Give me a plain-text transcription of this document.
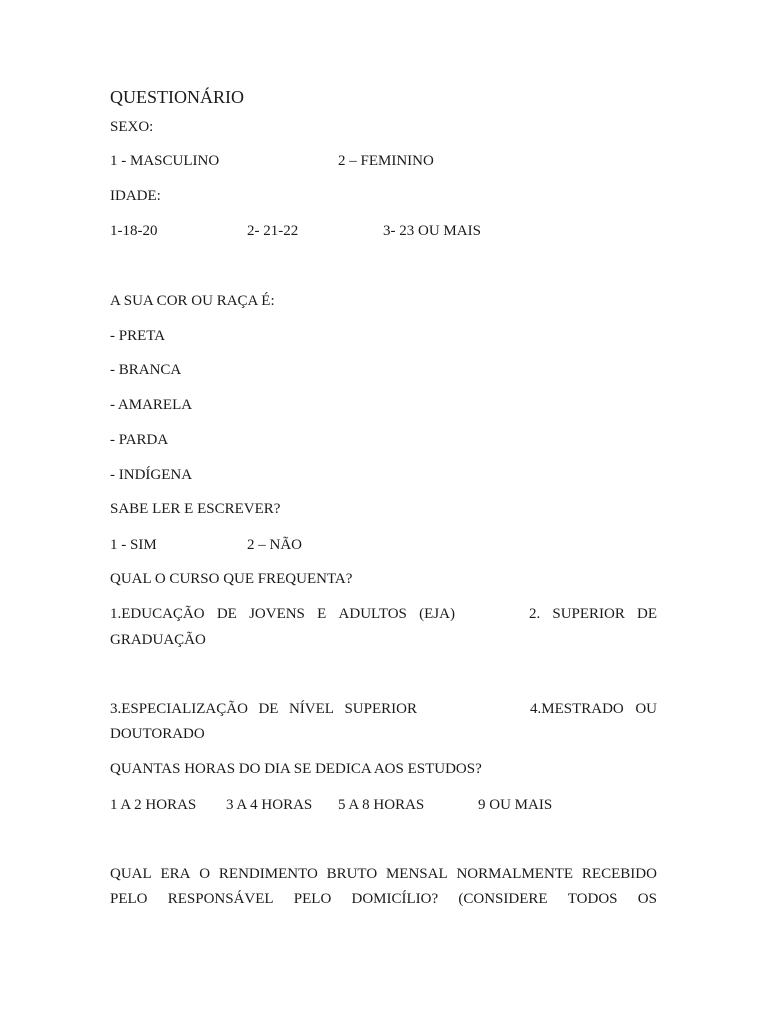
QUESTIONÁRIO
SEXO:
1 - MASCULINO	2 – FEMININO
IDADE:
1-18-20	2- 21-22	3- 23 OU MAIS
A SUA COR OU RAÇA É:
- PRETA
- BRANCA
- AMARELA
- PARDA
- INDÍGENA
SABE LER E ESCREVER?
1 - SIM	2 – NÃO
QUAL O CURSO QUE FREQUENTA?
1.EDUCAÇÃO DE JOVENS E ADULTOS (EJA)	2. SUPERIOR DE
GRADUAÇÃO
3.ESPECIALIZAÇÃO DE NÍVEL SUPERIOR	4.MESTRADO OU
DOUTORADO
QUANTAS HORAS DO DIA SE DEDICA AOS ESTUDOS?
1 A 2 HORAS 3 A 4 HORAS 5 A 8 HORAS	9 OU MAIS
QUAL ERA O RENDIMENTO BRUTO MENSAL NORMALMENTE RECEBIDO
PELO RESPONSÁVEL PELO DOMICÍLIO? (CONSIDERE TODOS OS
